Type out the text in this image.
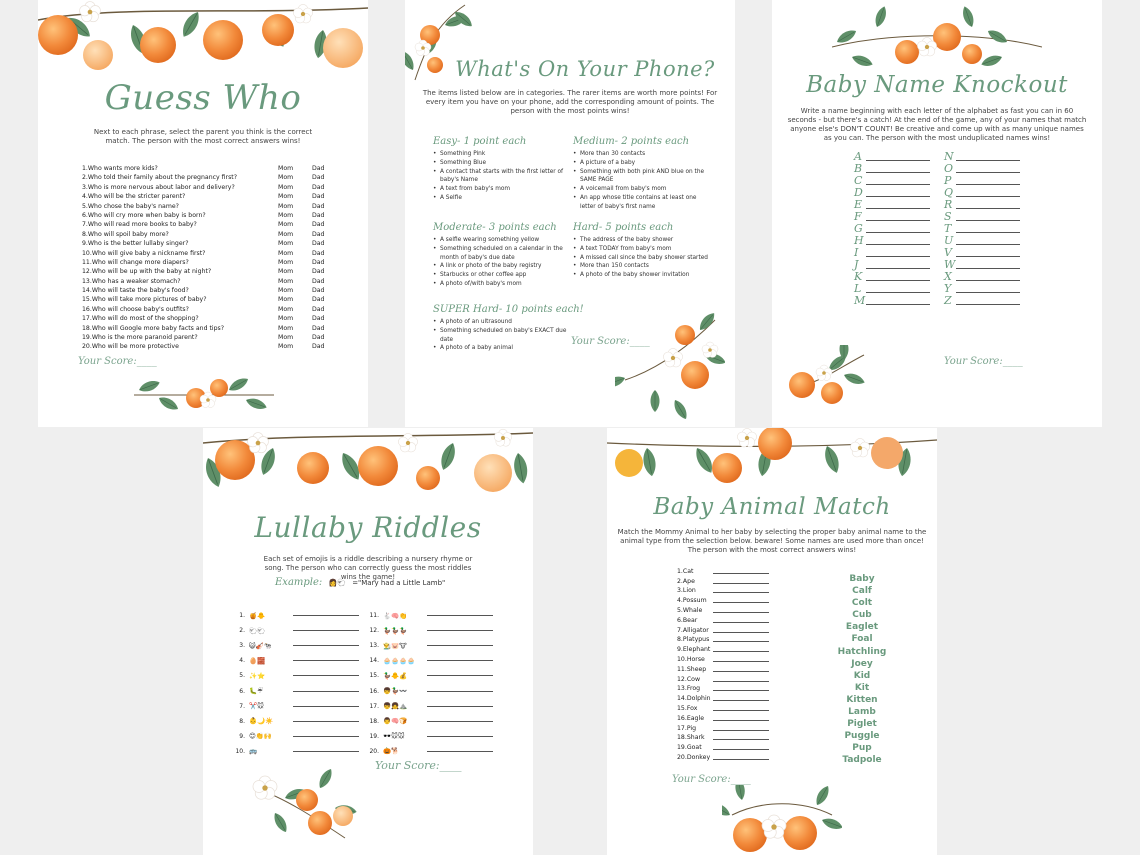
Guess Who
Next to each phrase, select the parent you think is the correct match. The person with the most correct answers wins!
1.Who wants more kids?	Mom	Dad
2.Who told their family about the pregnancy first?	Mom	Dad
3.Who is more nervous about labor and delivery?	Mom	Dad
4.Who will be the stricter parent?	Mom	Dad
5.Who chose the baby's name?	Mom	Dad
6.Who will cry more when baby is born?	Mom	Dad
7.Who will read more books to baby?	Mom	Dad
8.Who will spoil baby more?	Mom	Dad
9.Who is the better lullaby singer?	Mom	Dad
10.Who will give baby a nickname first?	Mom	Dad
11.Who will change more diapers?	Mom	Dad
12.Who will be up with the baby at night?	Mom	Dad
13.Who has a weaker stomach?	Mom	Dad
14.Who will taste the baby's food?	Mom	Dad
15.Who will take more pictures of baby?	Mom	Dad
16.Who will choose baby's outfits?	Mom	Dad
17.Who will do most of the shopping?	Mom	Dad
18.Who will Google more baby facts and tips?	Mom	Dad
19.Who is the more paranoid parent?	Mom	Dad
20.Who will be more protective	Mom	Dad
Your Score:____
What's On Your Phone?
The items listed below are in categories. The rarer items are worth more points! For every item you have on your phone, add the corresponding amount of points. The person with the most points wins!
Easy- 1 point each
• Something Pink
• Something Blue
• A contact that starts with the first letter of baby's Name
• A text from baby's mom
• A Selfie
Medium- 2 points each
• More than 30 contacts
• A picture of a baby
• Something with both pink AND blue on the SAME PAGE
• A voicemail from baby's mom
• An app whose title contains at least one letter of baby's first name
Moderate- 3 points each
• A selfie wearing something yellow
• Something scheduled on a calendar in the month of baby's due date
• A link or photo of the baby registry
• Starbucks or other coffee app
• A photo of/with baby's mom
Hard- 5 points each
• The address of the baby shower
• A text TODAY from baby's mom
• A missed call since the baby shower started
• More than 150 contacts
• A photo of the baby shower invitation
SUPER Hard- 10 points each!
• A photo of an ultrasound
• Something scheduled on baby's EXACT due date
• A photo of a baby animal
Your Score:____
Baby Name Knockout
Write a name beginning with each letter of the alphabet as fast you can in 60 seconds - but there's a catch! At the end of the game, any of your names that match anyone else's DON'T COUNT! Be creative and come up with as many unique names as you can. The person with the most unduplicated names wins!
A
B
C
D
E
F
G
H
I
J
K
L
M
N
O
P
Q
R
S
T
U
V
W
X
Y
Z
Your Score:____
Lullaby Riddles
Each set of emojis is a riddle describing a nursery rhyme or song. The person who can correctly guess the most riddles wins the game!
Example: 👩🐑 ="Mary had a Little Lamb"
1. 🍯🐥
2. 🐑🐑
3. 😺🎻🐄
4. 🥚🧱
5. ✨⭐
6. 🐛☔
7. ✂️🐭
8. 👶🌙☀️
9. 😊👏🙌
10. 🚌
11. 🐇🧠👏
12. 🦆🦆🦆
13. 👨‍🌾🐷🐮
14. 🧁🧁🧁🧁
15. 🦆🐥💰
16. 👦🦆〰️
17. 👦👧⛰️
18. 👨🧠🍞
19. 🕶️🐭🐭
20. 🎃🐕
Your Score:____
Baby Animal Match
Match the Mommy Animal to her baby by selecting the proper baby animal name to the animal type from the selection below. beware! Some names are used more than once! The person with the most correct answers wins!
1.Cat
2.Ape
3.Lion
4.Possum
5.Whale
6.Bear
7.Alligator
8.Platypus
9.Elephant
10.Horse
11.Sheep
12.Cow
13.Frog
14.Dolphin
15.Fox
16.Eagle
17.Pig
18.Shark
19.Goat
20.Donkey
Baby
Calf
Colt
Cub
Eaglet
Foal
Hatchling
Joey
Kid
Kit
Kitten
Lamb
Piglet
Puggle
Pup
Tadpole
Your Score:____
